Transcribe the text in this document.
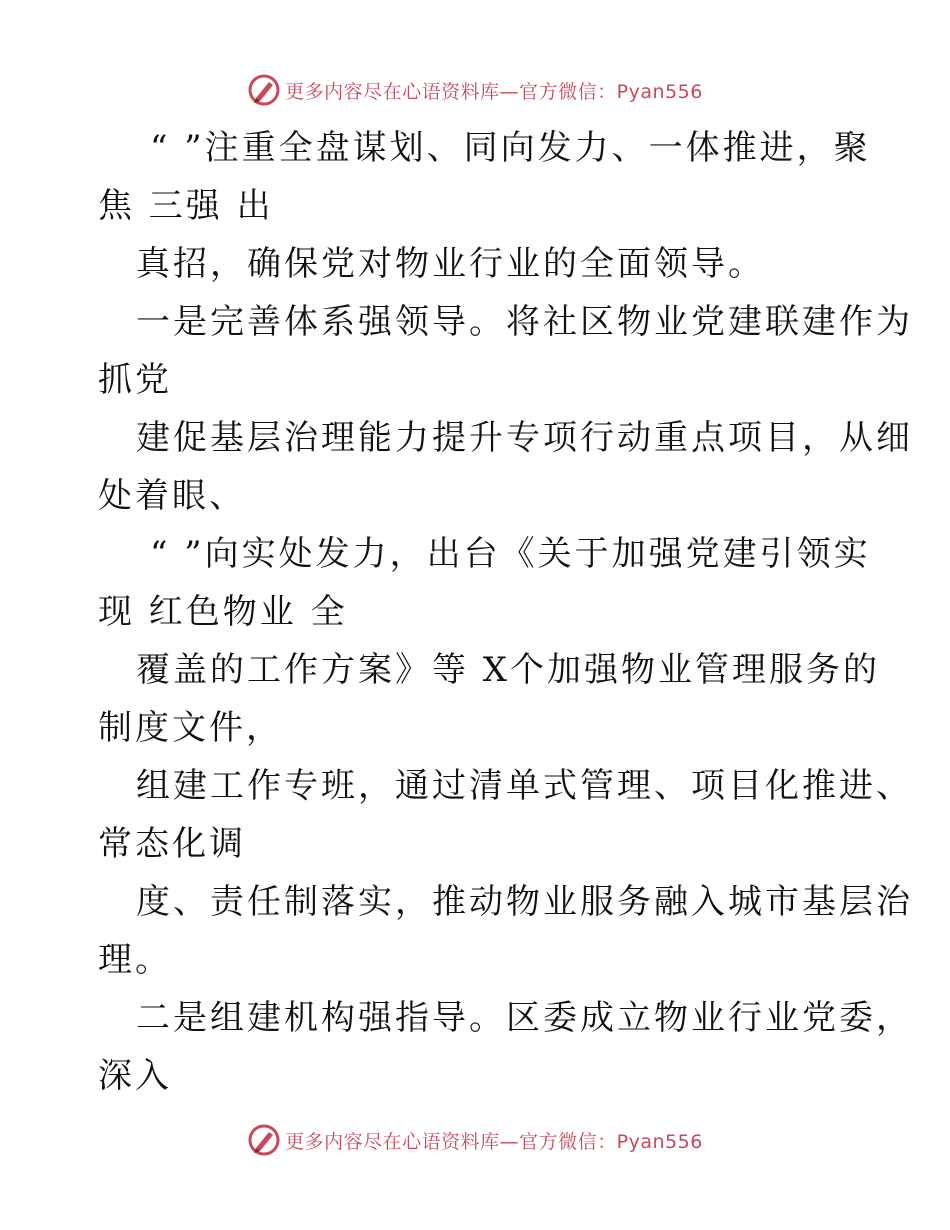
更多内容尽在心语资料库—官方微信：Pyan556
“ ”注重全盘谋划、同向发力、一体推进，聚
焦 三强 出
真招，确保党对物业行业的全面领导。
一是完善体系强领导。将社区物业党建联建作为
抓党
建促基层治理能力提升专项行动重点项目，从细
处着眼、
“ ”向实处发力，出台《关于加强党建引领实
现 红色物业 全
覆盖的工作方案》等 X个加强物业管理服务的
制度文件，
组建工作专班，通过清单式管理、项目化推进、
常态化调
度、责任制落实，推动物业服务融入城市基层治
理。
二是组建机构强指导。区委成立物业行业党委，
深入
更多内容尽在心语资料库—官方微信：Pyan556
